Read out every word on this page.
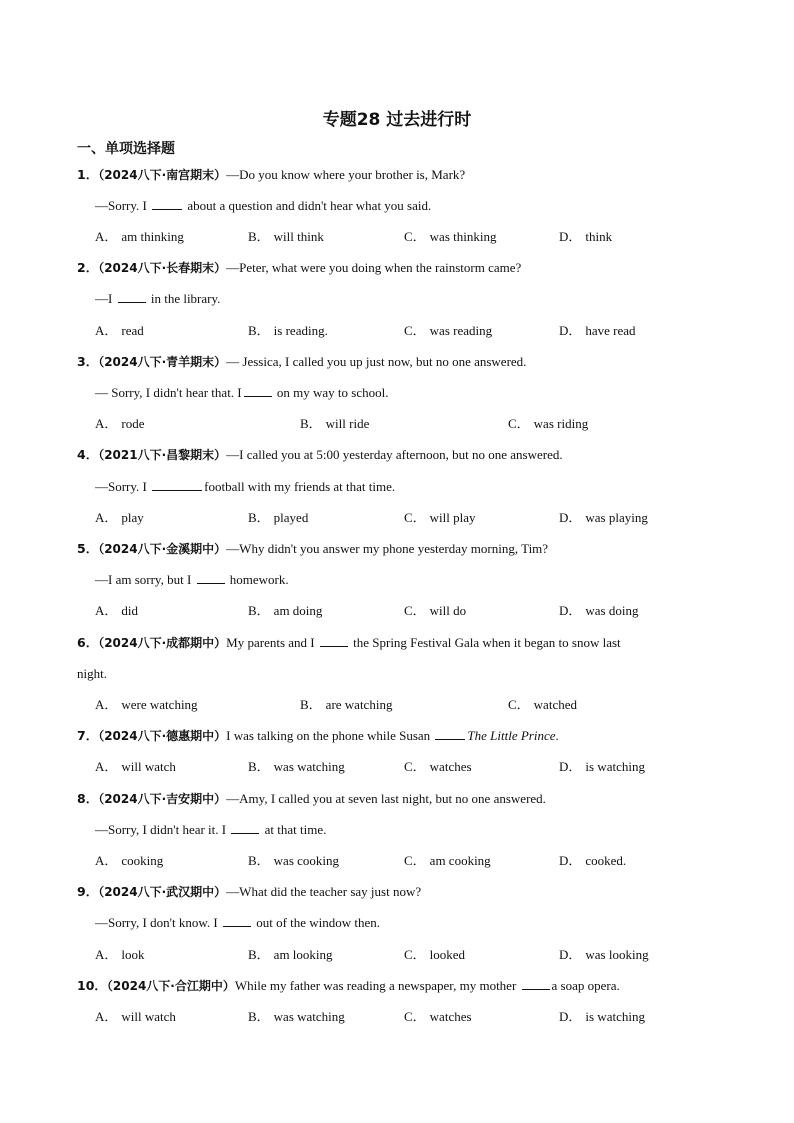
专题28 过去进行时
一、单项选择题
1．（2024八下·南宫期末）—Do you know where your brother is, Mark?
—Sorry. I	about a question and didn't hear what you said.
A． am thinking	B． will think	C． was thinking	D． think
2．（2024八下·长春期末）—Peter, what were you doing when the rainstorm came?
—I  in the library.
A． read	B． is reading.	C． was reading	D． have read
3．（2024八下·青羊期末）— Jessica, I called you up just now, but no one answered.
— Sorry, I didn't hear that. I on my way to school.
A． rode	B． will ride	C． was riding
4．（2021八下·昌黎期末）—I called you at 5:00 yesterday afternoon, but no one answered.
—Sorry. I	football with my friends at that time.
A． play	B． played	C． will play	D． was playing
5．（2024八下·金溪期中）—Why didn't you answer my phone yesterday morning, Tim?
—I am sorry, but I  homework.
A． did	B． am doing	C． will do	D． was doing
6．（2024八下·成都期中）My parents and I  the Spring Festival Gala when it began to snow last
night.
A． were watching	B． are watching	C． watched
7．（2024八下·德惠期中）I was talking on the phone while Susan	The Little Prince.
A． will watch	B． was watching	C． watches	D． is watching
8．（2024八下·吉安期中）—Amy, I called you at seven last night, but no one answered.
—Sorry, I didn't hear it. I  at that time.
A． cooking	B． was cooking	C． am cooking	D． cooked.
9．（2024八下·武汉期中）—What did the teacher say just now?
—Sorry, I don't know. I  out of the window then.
A． look	B． am looking	C． looked	D． was looking
10．（2024八下·合江期中）While my father was reading a newspaper, my mother a soap opera.
A． will watch	B． was watching	C． watches	D． is watching
